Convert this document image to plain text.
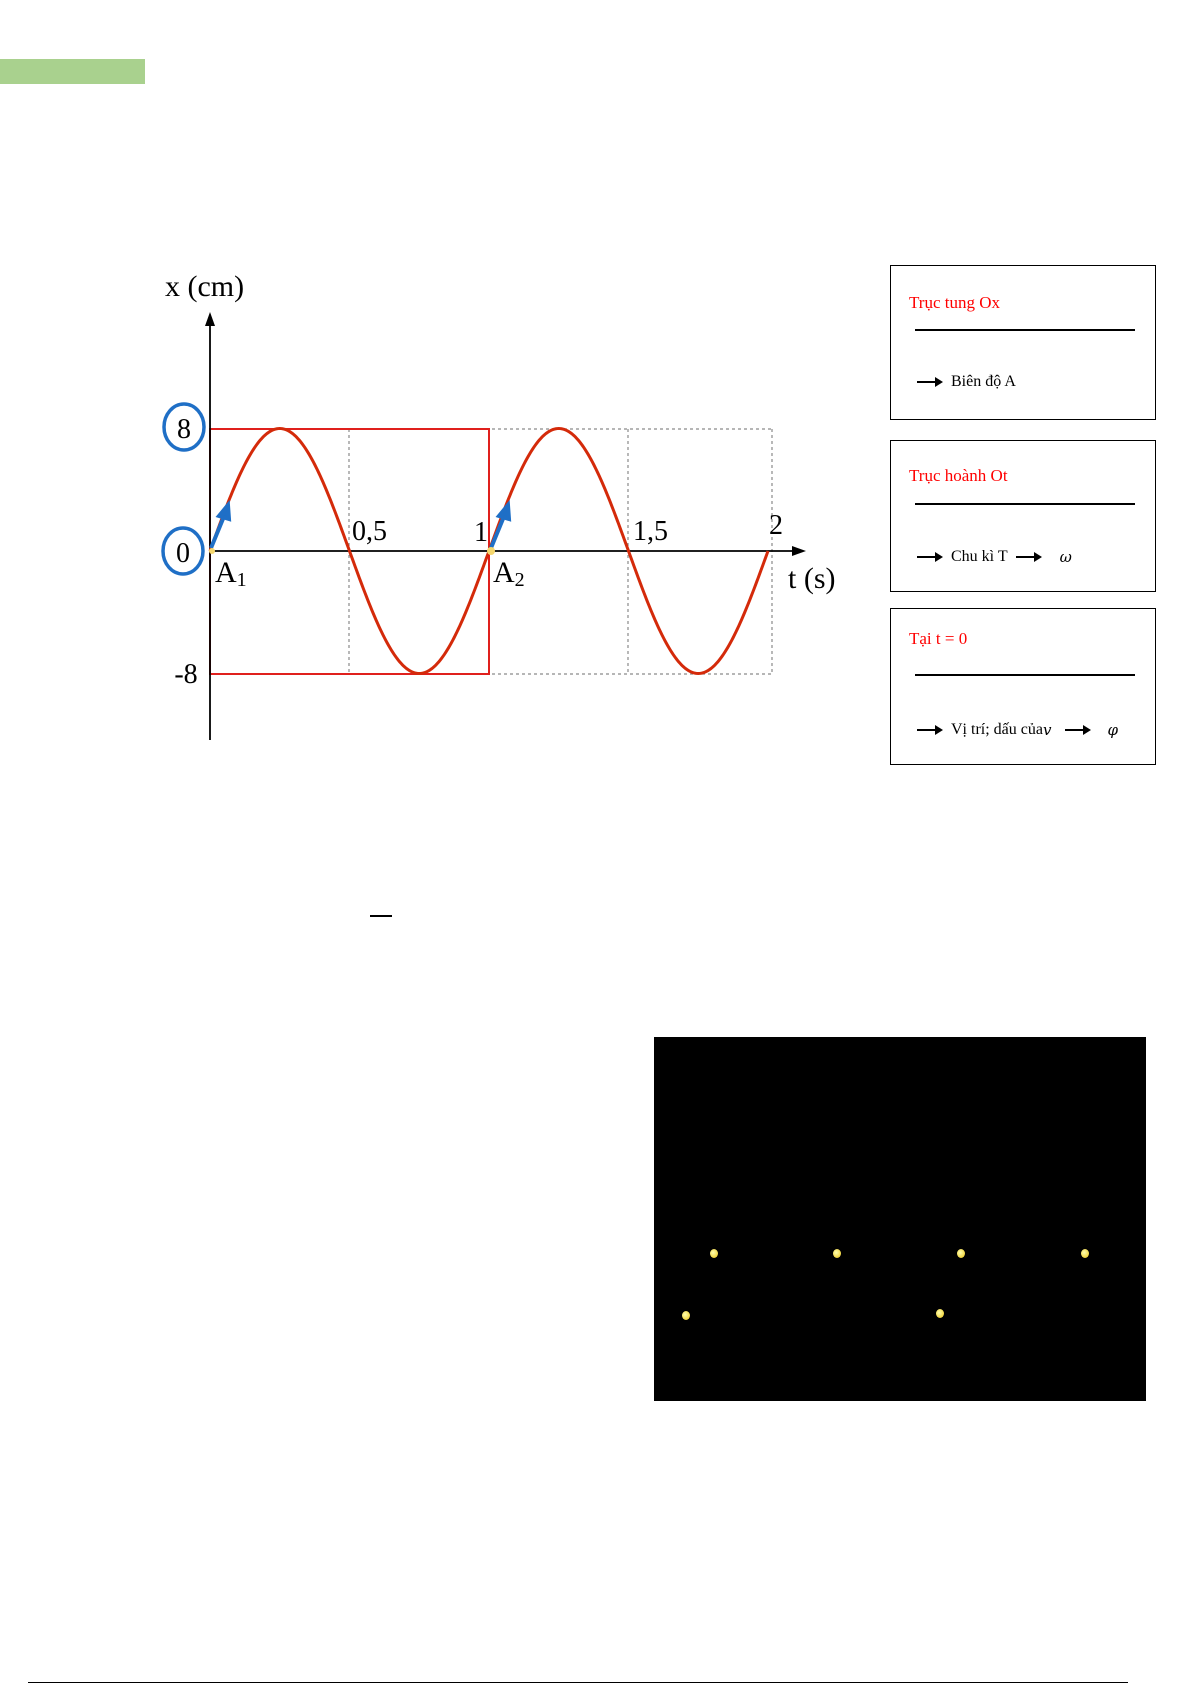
x (cm)
t (s)
8
0
-8
0,5	1	1,5	2
A1	A2
Trục tung Ox
Biên độ A
Trục hoành Ot
Chu kì T	ω
Tại t = 0
Vị trí; dấu của v	φ
